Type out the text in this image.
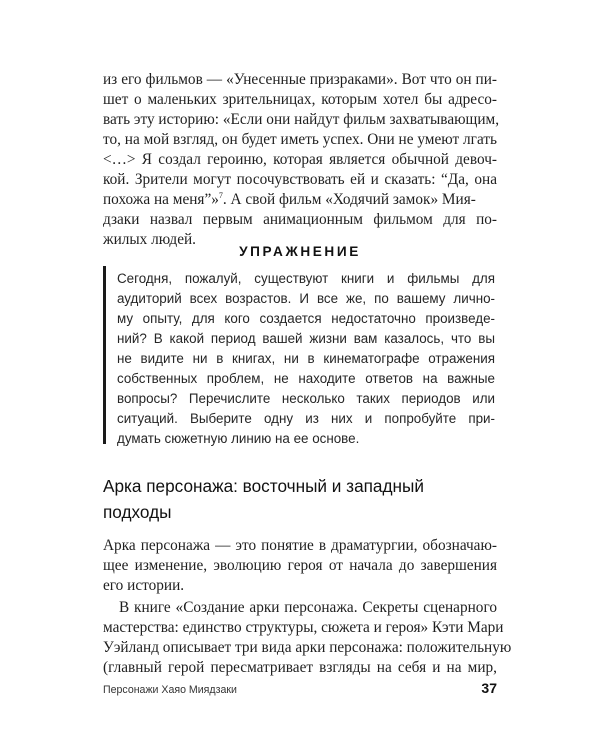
из его фильмов — «Унесенные призраками». Вот что он пи-
шет о маленьких зрительницах, которым хотел бы адресо-
вать эту историю: «Если они найдут фильм захватывающим,
то, на мой взгляд, он будет иметь успех. Они не умеют лгать
<…> Я создал героиню, которая является обычной девоч-
кой. Зрители могут посочувствовать ей и сказать: “Да, она
похожа на меня”»$^7$. А свой фильм «Ходячий замок» Мия-
дзаки назвал первым анимационным фильмом для по-
жилых людей.
УПРАЖНЕНИЕ
Сегодня, пожалуй, существуют книги и фильмы для
аудиторий всех возрастов. И все же, по вашему лично-
му опыту, для кого создается недостаточно произведе-
ний? В какой период вашей жизни вам казалось, что вы
не видите ни в книгах, ни в кинематографе отражения
собственных проблем, не находите ответов на важные
вопросы? Перечислите несколько таких периодов или
ситуаций. Выберите одну из них и попробуйте при-
думать сюжетную линию на ее основе.
Арка персонажа: восточный и западный
подходы
Арка персонажа — это понятие в драматургии, обозначаю-
щее изменение, эволюцию героя от начала до завершения
его истории.
В книге «Создание арки персонажа. Секреты сценарного
мастерства: единство структуры, сюжета и героя» Кэти Мари
Уэйланд описывает три вида арки персонажа: положительную
(главный герой пересматривает взгляды на себя и на мир,
Персонажи Хаяо Миядзаки	37
